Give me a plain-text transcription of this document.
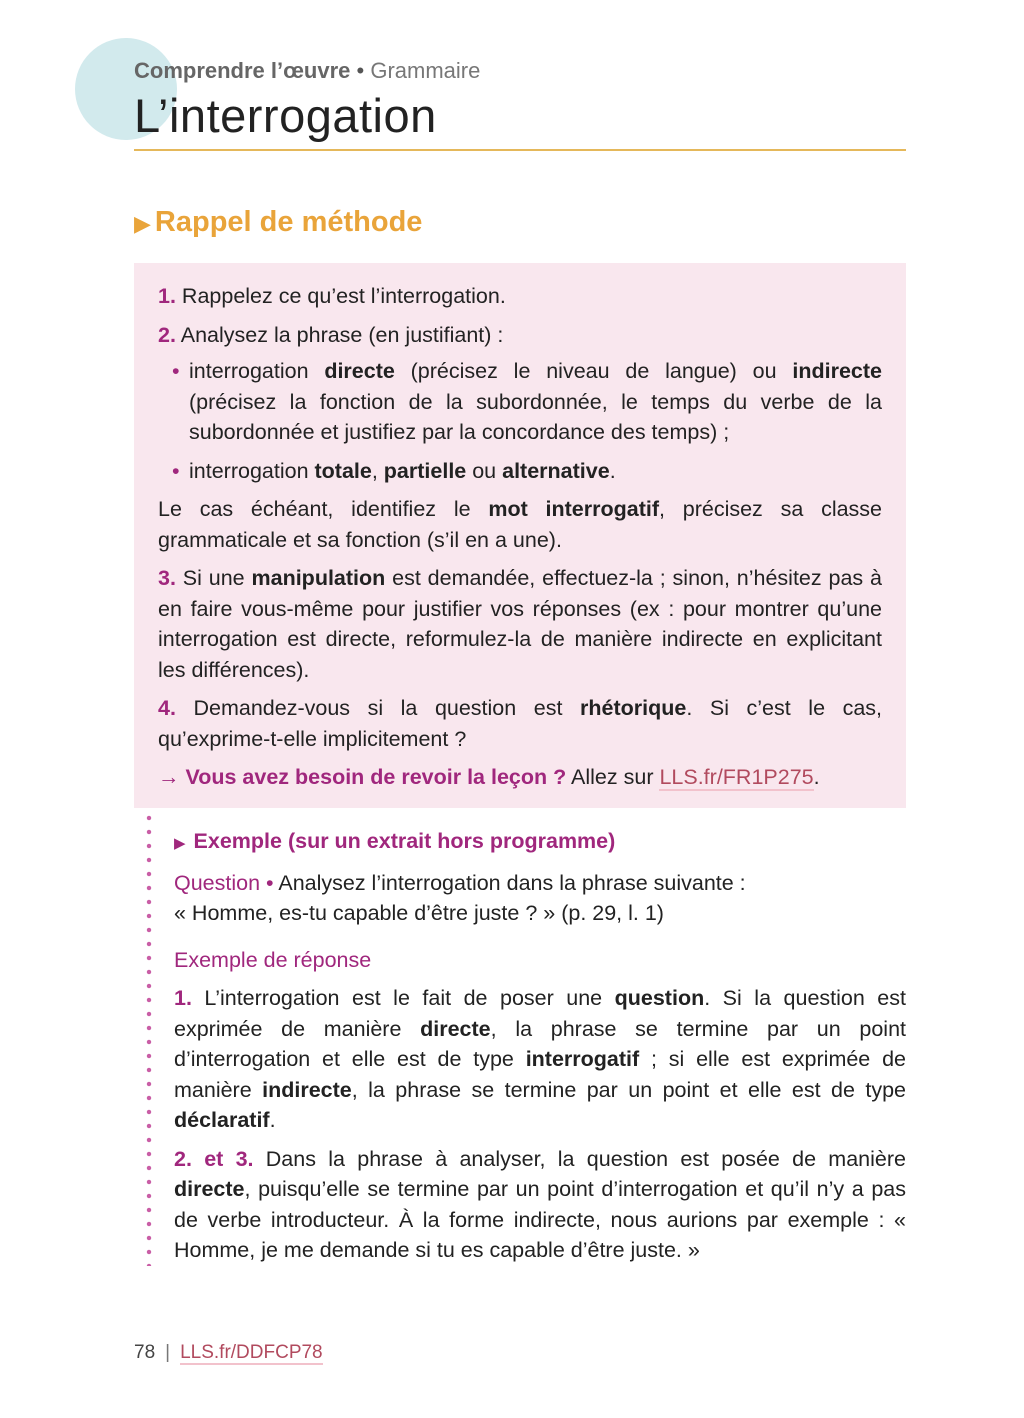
Comprendre l’œuvre • Grammaire
L’interrogation
▶ Rappel de méthode

1. Rappelez ce qu’est l’interrogation.

2. Analysez la phrase (en justifiant) :

• interrogation directe (précisez le niveau de langue) ou indirecte (précisez la fonction de la subordonnée, le temps du verbe de la subordonnée et justifiez par la concordance des temps) ;
• interrogation totale, partielle ou alternative.

Le cas échéant, identifiez le mot interrogatif, précisez sa classe grammaticale et sa fonction (s’il en a une).

3. Si une manipulation est demandée, effectuez-la ; sinon, n’hésitez pas à en faire vous-même pour justifier vos réponses (ex : pour montrer qu’une interrogation est directe, reformulez-la de manière indirecte en explicitant les différences).

4. Demandez-vous si la question est rhétorique. Si c’est le cas, qu’exprime-t-elle implicitement ?

→ Vous avez besoin de revoir la leçon ? Allez sur LLS.fr/FR1P275.

▶ Exemple (sur un extrait hors programme)

Question • Analysez l’interrogation dans la phrase suivante :
« Homme, es-tu capable d’être juste ? » (p. 29, l. 1)

Exemple de réponse

1. L’interrogation est le fait de poser une question. Si la question est exprimée de manière directe, la phrase se termine par un point d’interrogation et elle est de type interrogatif ; si elle est exprimée de manière indirecte, la phrase se termine par un point et elle est de type déclaratif.

2. et 3. Dans la phrase à analyser, la question est posée de manière directe, puisqu’elle se termine par un point d’interrogation et qu’il n’y a pas de verbe introducteur. À la forme indirecte, nous aurions par exemple : « Homme, je me demande si tu es capable d’être juste. »

78 | LLS.fr/DDFCP78
